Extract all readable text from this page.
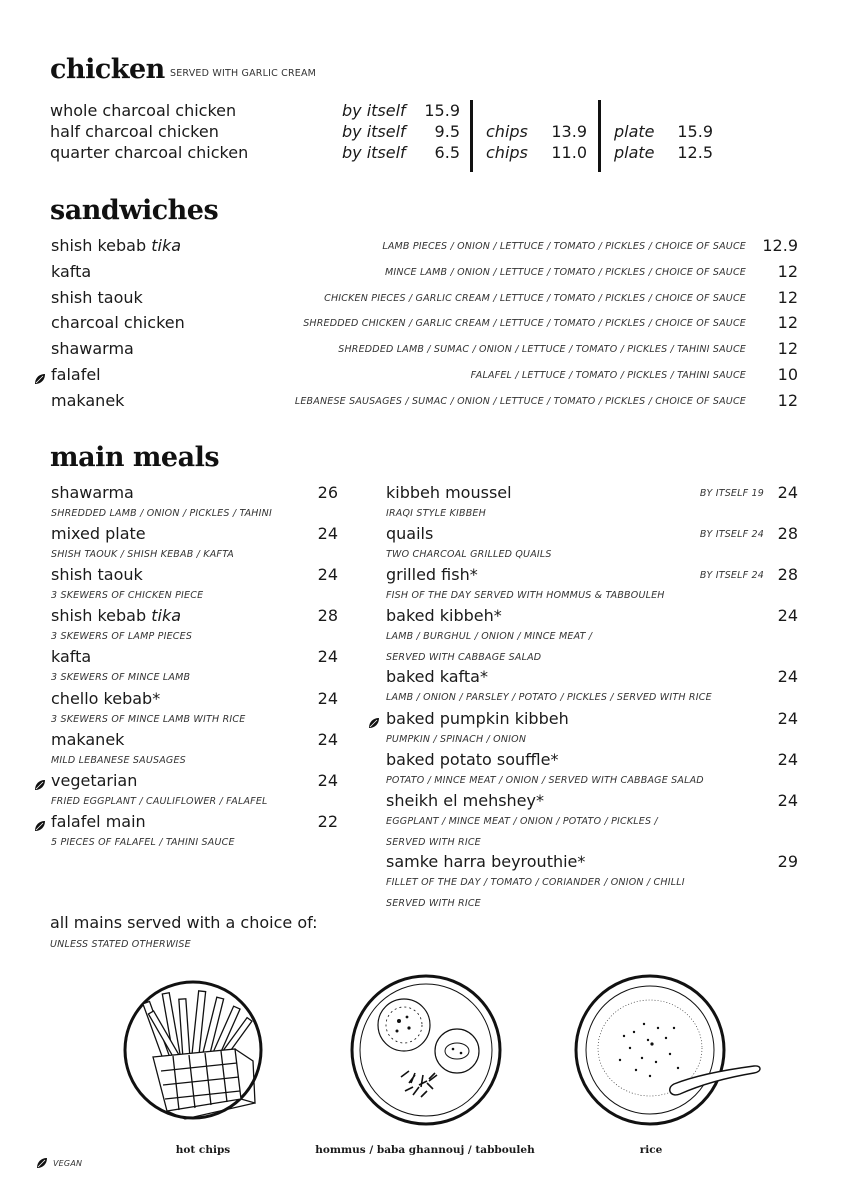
chicken SERVED WITH GARLIC CREAM
whole charcoal chicken	by itself	15.9
half charcoal chicken	by itself	9.5 chips	13.9 plate	15.9
quarter charcoal chicken	by itself	6.5 chips	11.0 plate	12.5
sandwiches
shish kebab tika	LAMB PIECES / ONION / LETTUCE / TOMATO / PICKLES / CHOICE OF SAUCE	12.9
kafta	MINCE LAMB / ONION / LETTUCE / TOMATO / PICKLES / CHOICE OF SAUCE	12
shish taouk	CHICKEN PIECES / GARLIC CREAM / LETTUCE / TOMATO / PICKLES / CHOICE OF SAUCE	12
charcoal chicken	SHREDDED CHICKEN / GARLIC CREAM / LETTUCE / TOMATO / PICKLES / CHOICE OF SAUCE	12
shawarma	SHREDDED LAMB / SUMAC / ONION / LETTUCE / TOMATO / PICKLES / TAHINI SAUCE	12
falafel	FALAFEL / LETTUCE / TOMATO / PICKLES / TAHINI SAUCE	10
makanek	LEBANESE SAUSAGES / SUMAC / ONION / LETTUCE / TOMATO / PICKLES / CHOICE OF SAUCE	12
main meals
shawarma	26
SHREDDED LAMB / ONION / PICKLES / TAHINI
mixed plate	24
SHISH TAOUK / SHISH KEBAB / KAFTA
shish taouk	24
3 SKEWERS OF CHICKEN PIECE
shish kebab tika	28
3 SKEWERS OF LAMP PIECES
kafta	24
3 SKEWERS OF MINCE LAMB
chello kebab*	24
3 SKEWERS OF MINCE LAMB WITH RICE
makanek	24
MILD LEBANESE SAUSAGES
vegetarian	24
FRIED EGGPLANT / CAULIFLOWER / FALAFEL
falafel main	22
5 PIECES OF FALAFEL / TAHINI SAUCE
kibbeh moussel	BY ITSELF 19 24
IRAQI STYLE KIBBEH
quails	BY ITSELF 24 28
TWO CHARCOAL GRILLED QUAILS
grilled fish*	BY ITSELF 24 28
FISH OF THE DAY SERVED WITH HOMMUS & TABBOULEH
baked kibbeh*	24
LAMB / BURGHUL / ONION / MINCE MEAT /
SERVED WITH CABBAGE SALAD
baked kafta*	24
LAMB / ONION / PARSLEY / POTATO / PICKLES / SERVED WITH RICE
baked pumpkin kibbeh	24
PUMPKIN / SPINACH / ONION
baked potato souffle*	24
POTATO / MINCE MEAT / ONION / SERVED WITH CABBAGE SALAD
sheikh el mehshey*	24
EGGPLANT / MINCE MEAT / ONION / POTATO / PICKLES /
SERVED WITH RICE
samke harra beyrouthie*	29
FILLET OF THE DAY / TOMATO / CORIANDER / ONION / CHILLI
SERVED WITH RICE
all mains served with a choice of:
UNLESS STATED OTHERWISE
hot chips	hommus / baba ghannouj / tabbouleh	rice
VEGAN
